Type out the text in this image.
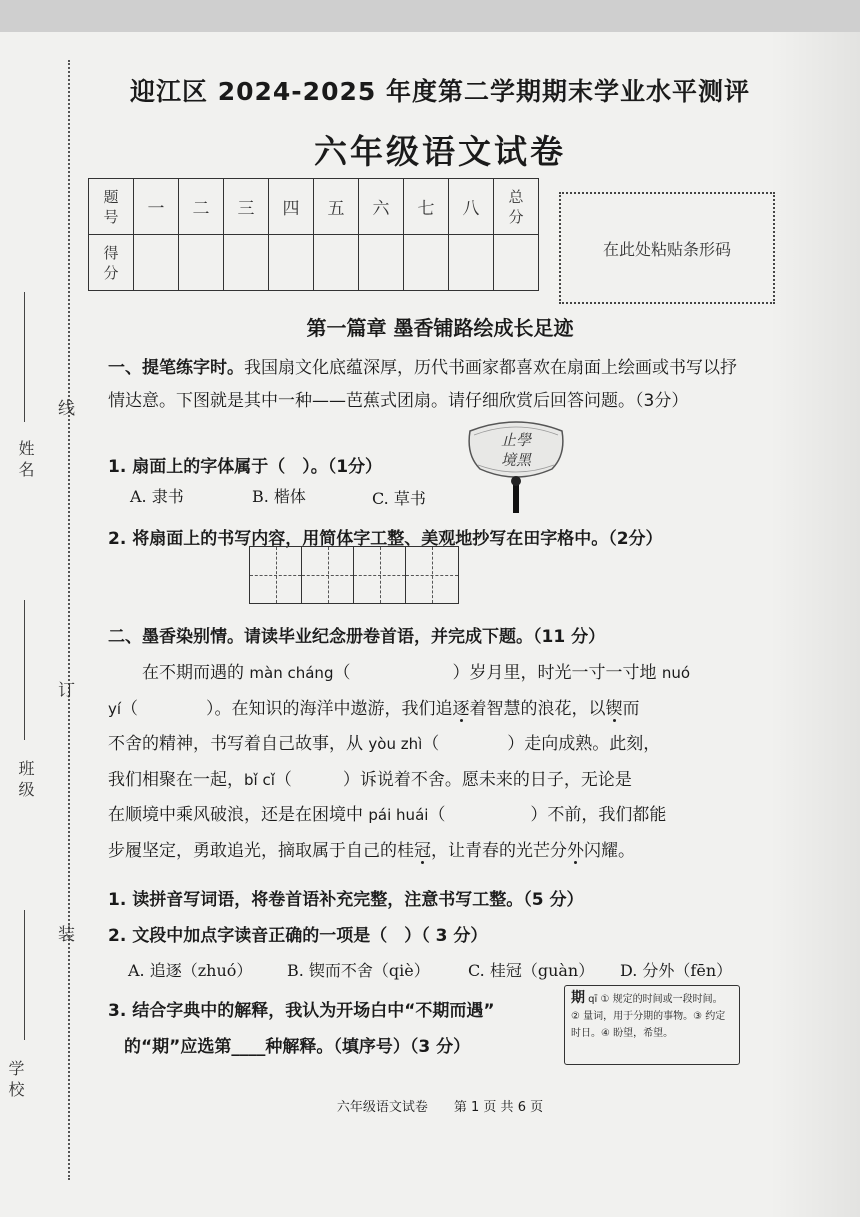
线
订
装
姓 名
班 级
学 校
迎江区 2024-2025 年度第二学期期末学业水平测评
六年级语文试卷
题
号	一	二	三	四	五	六	七	八	总
分
得
分									
在此处粘贴条形码
第一篇章 墨香铺路绘成长足迹
一、提笔练字时。我国扇文化底蕴深厚，历代书画家都喜欢在扇面上绘画或书写以抒情达意。下图就是其中一种——芭蕉式团扇。请仔细欣赏后回答问题。（3分）
1. 扇面上的字体属于（　）。（1分）
A. 隶书	B. 楷体	C. 草书
止學
境黑
2. 将扇面上的书写内容，用简体字工整、美观地抄写在田字格中。（2分）
二、墨香染别情。请读毕业纪念册卷首语，并完成下题。（11 分）
在不期而遇的 màn cháng（　　　　　　）岁月里，时光一寸一寸地 nuó
yí（　　　　）。在知识的海洋中遨游，我们追逐着智慧的浪花，以锲而
不舍的精神，书写着自己故事，从 yòu zhì（　　　　）走向成熟。此刻，
我们相聚在一起，bǐ cǐ（　　　）诉说着不舍。愿未来的日子，无论是
在顺境中乘风破浪，还是在困境中 pái huái（　　　　　）不前，我们都能
步履坚定，勇敢追光，摘取属于自己的桂冠，让青春的光芒分外闪耀。
1. 读拼音写词语，将卷首语补充完整，注意书写工整。（5 分）
2. 文段中加点字读音正确的一项是（　）（ 3 分）
A. 追逐（zhuó） B. 锲而不舍（qiè） C. 桂冠（guàn） D. 分外（fēn）
3. 结合字典中的解释，我认为开场白中“不期而遇”
的“期”应选第____种解释。（填序号）（3 分）
期 qī ① 规定的时间或一段时间。
② 量词，用于分期的事物。③ 约定
时日。④ 盼望，希望。
六年级语文试卷　　第 1 页 共 6 页
